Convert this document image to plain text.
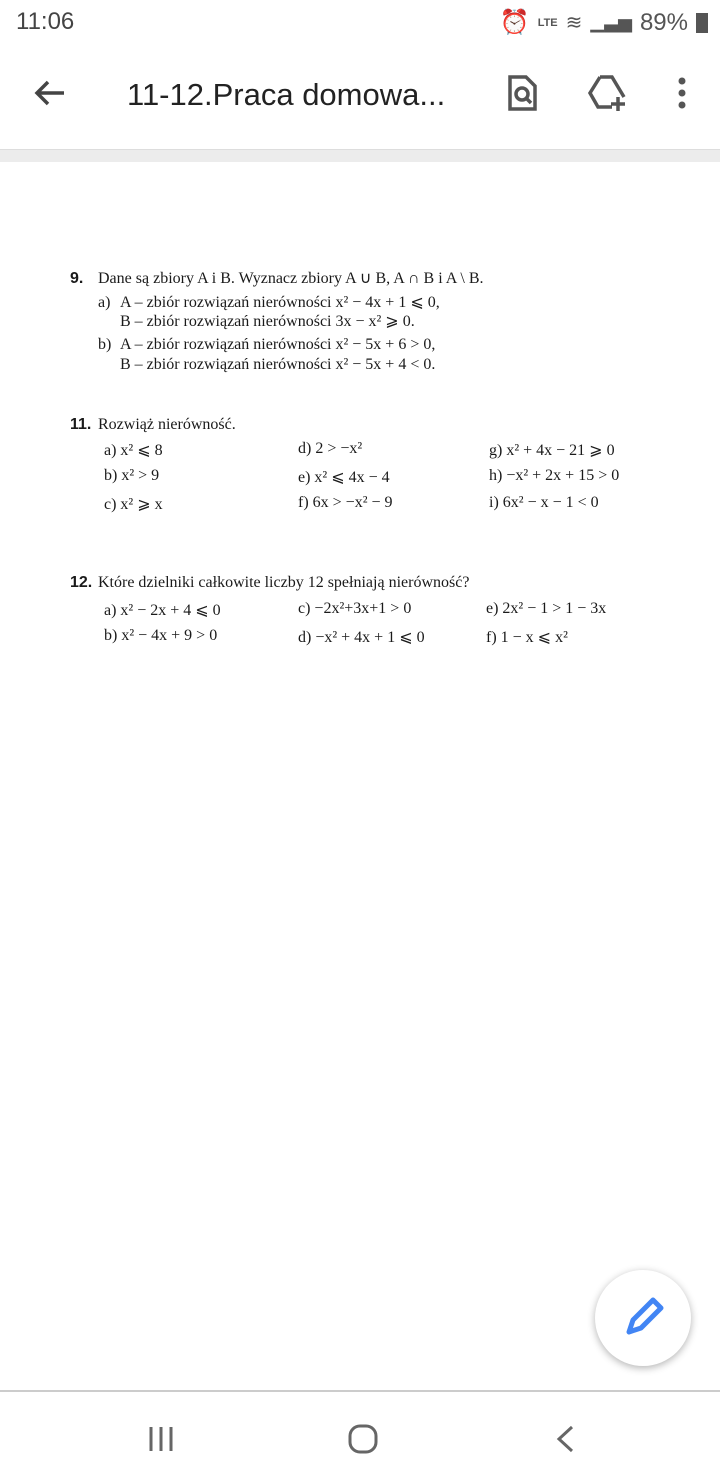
11:06	⏰ LTE ≋ ▁▃▅ 89%
11-12.Praca domowa...
9. Dane są zbiory A i B. Wyznacz zbiory A ∪ B, A ∩ B i A \ B.
a) A – zbiór rozwiązań nierówności x² − 4x + 1 ⩽ 0,
B – zbiór rozwiązań nierówności 3x − x² ⩾ 0.
b) A – zbiór rozwiązań nierówności x² − 5x + 6 > 0,
B – zbiór rozwiązań nierówności x² − 5x + 4 < 0.
11. Rozwiąż nierówność.
a) x² ⩽ 8
b) x² > 9
c) x² ⩾ x
d) 2 > −x²
e) x² ⩽ 4x − 4
f) 6x > −x² − 9
g) x² + 4x − 21 ⩾ 0
h) −x² + 2x + 15 > 0
i) 6x² − x − 1 < 0
12. Które dzielniki całkowite liczby 12 spełniają nierówność?
a) x² − 2x + 4 ⩽ 0
b) x² − 4x + 9 > 0
c) −2x²+3x+1 > 0
d) −x² + 4x + 1 ⩽ 0
e) 2x² − 1 > 1 − 3x
f) 1 − x ⩽ x²
